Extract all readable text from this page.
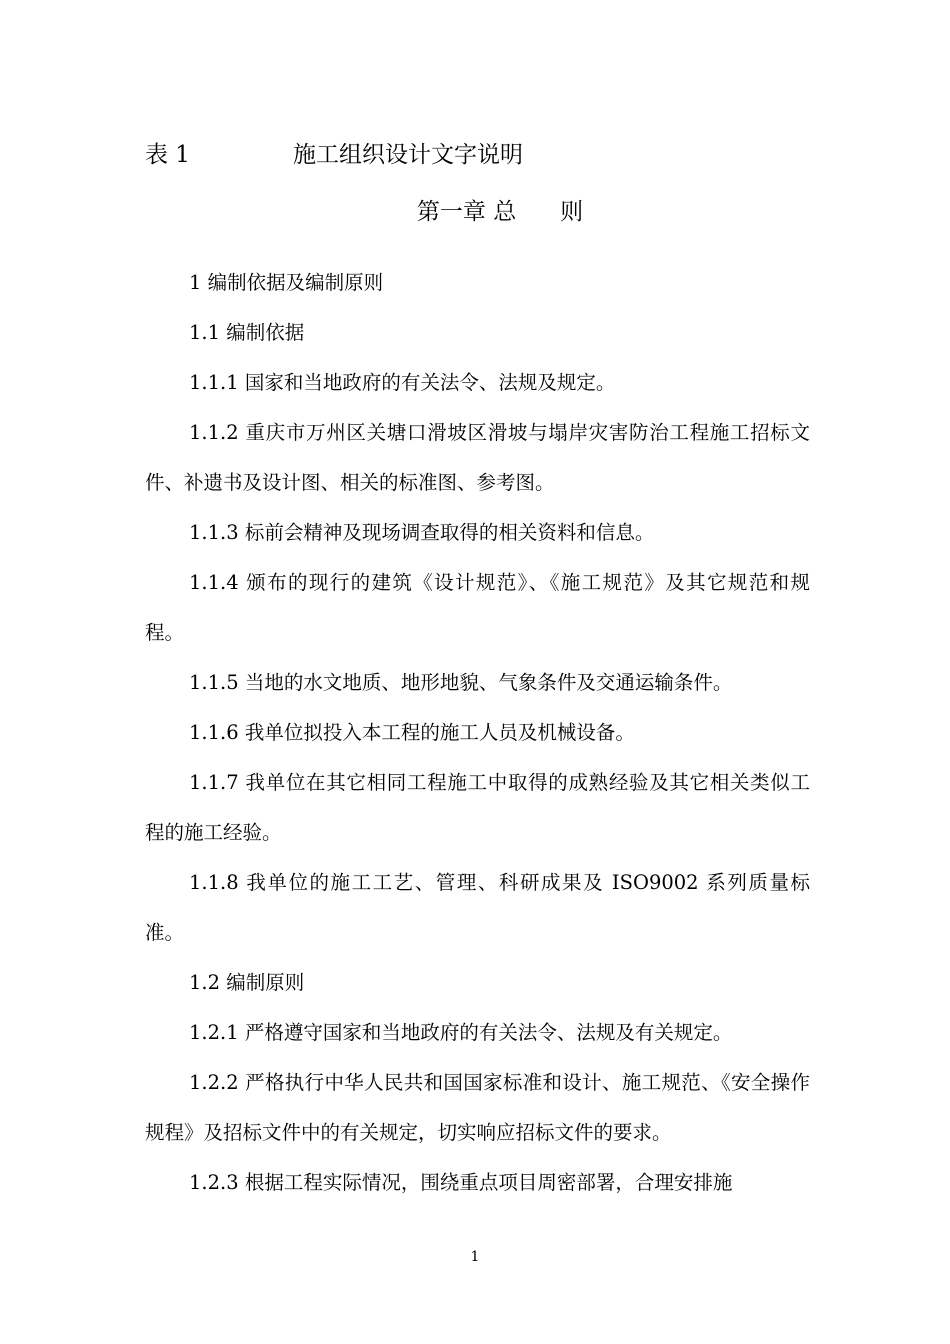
表 1	施工组织设计文字说明
第一章 总      则

1 编制依据及编制原则

1.1 编制依据

1.1.1 国家和当地政府的有关法令、法规及规定。

1.1.2 重庆市万州区关塘口滑坡区滑坡与塌岸灾害防治工程施工招标文件、补遗书及设计图、相关的标准图、参考图。

1.1.3 标前会精神及现场调查取得的相关资料和信息。

1.1.4 颁布的现行的建筑《设计规范》、《施工规范》及其它规范和规程。

1.1.5 当地的水文地质、地形地貌、气象条件及交通运输条件。

1.1.6 我单位拟投入本工程的施工人员及机械设备。

1.1.7 我单位在其它相同工程施工中取得的成熟经验及其它相关类似工程的施工经验。

1.1.8 我单位的施工工艺、管理、科研成果及 ISO9002 系列质量标准。

1.2 编制原则

1.2.1 严格遵守国家和当地政府的有关法令、法规及有关规定。

1.2.2 严格执行中华人民共和国国家标准和设计、施工规范、《安全操作规程》及招标文件中的有关规定，切实响应招标文件的要求。

1.2.3 根据工程实际情况，围绕重点项目周密部署，合理安排施

1
